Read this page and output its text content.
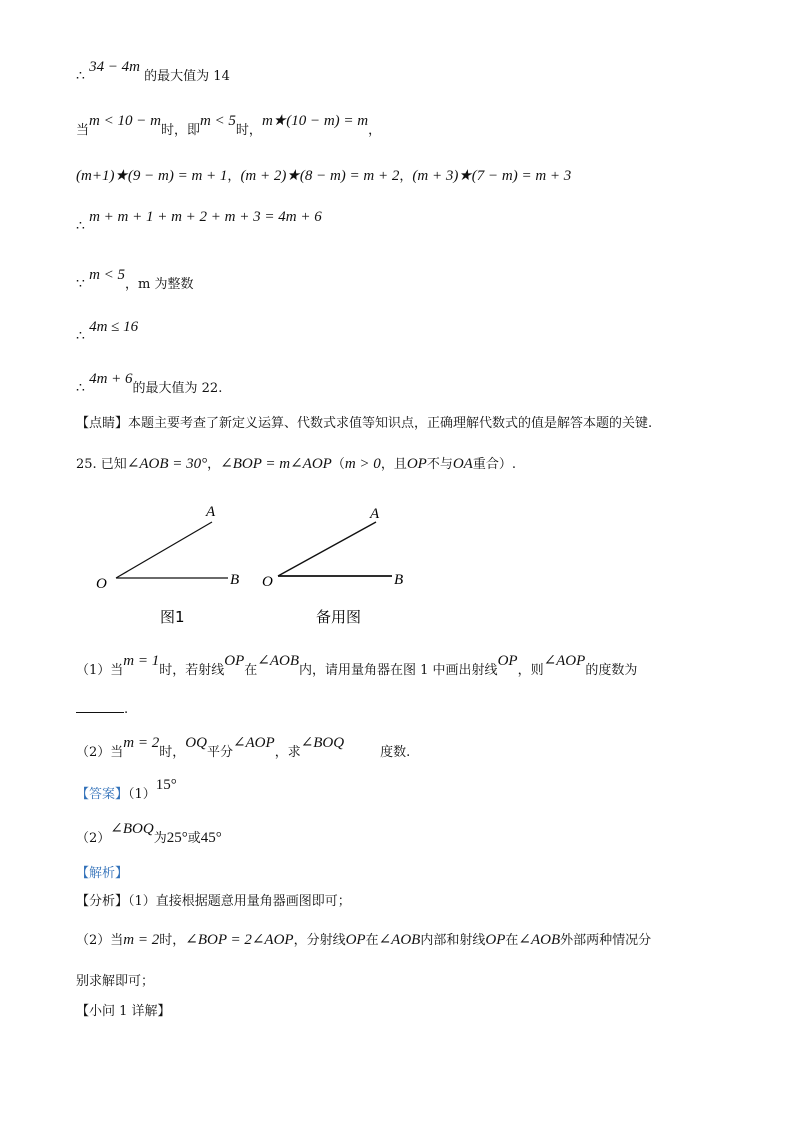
∴ 34 − 4m 的最大值为 14
当m < 10 − m时，即m < 5时，m★(10 − m) = m，
(m+1)★(9 − m) = m + 1，(m + 2)★(8 − m) = m + 2，(m + 3)★(7 − m) = m + 3
∴ m + m + 1 + m + 2 + m + 3 = 4m + 6
∵ m < 5，m 为整数
∴ 4m ≤ 16
∴ 4m + 6的最大值为 22.
【点睛】本题主要考查了新定义运算、代数式求值等知识点，正确理解代数式的值是解答本题的关键.
25. 已知∠AOB = 30°，∠BOP = m∠AOP（m > 0，且OP不与OA重合）.
A
O	B
图1
A
O	B
备用图
（1）当m = 1时，若射线OP在∠AOB内，请用量角器在图 1 中画出射线OP，则∠AOP的度数为
.
（2）当m = 2时，OQ平分∠AOP，求∠BOQ度数.
【答案】（1）15°
（2）∠BOQ为25°或45°
【解析】
【分析】（1）直接根据题意用量角器画图即可；
（2）当m = 2时，∠BOP = 2∠AOP，分射线OP在∠AOB内部和射线OP在∠AOB外部两种情况分
别求解即可；
【小问 1 详解】
